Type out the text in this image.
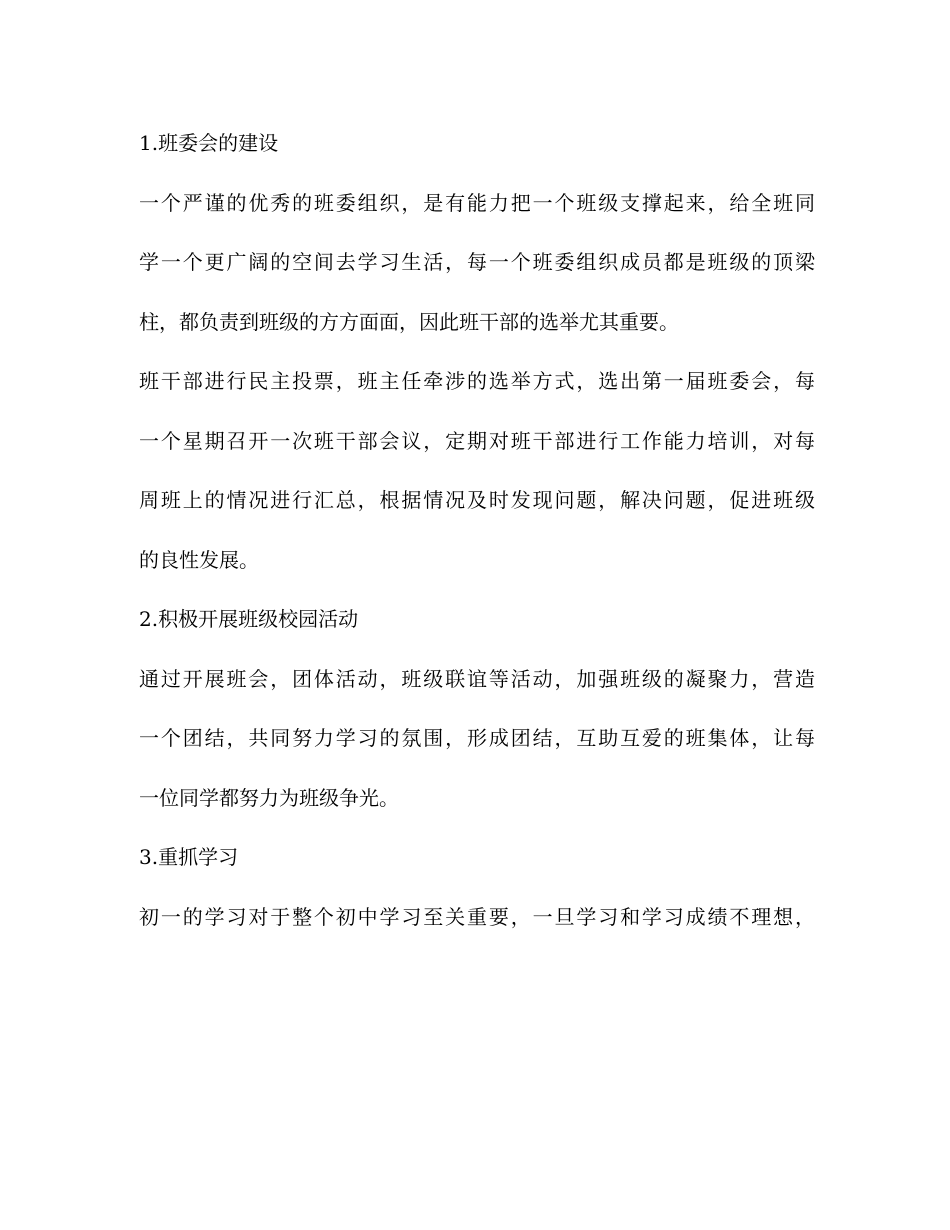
1.班委会的建设
一个严谨的优秀的班委组织，是有能力把一个班级支撑起来，给全班同
学一个更广阔的空间去学习生活，每一个班委组织成员都是班级的顶梁
柱，都负责到班级的方方面面，因此班干部的选举尤其重要。
班干部进行民主投票，班主任牵涉的选举方式，选出第一届班委会，每
一个星期召开一次班干部会议，定期对班干部进行工作能力培训，对每
周班上的情况进行汇总，根据情况及时发现问题，解决问题，促进班级
的良性发展。
2.积极开展班级校园活动
通过开展班会，团体活动，班级联谊等活动，加强班级的凝聚力，营造
一个团结，共同努力学习的氛围，形成团结，互助互爱的班集体，让每
一位同学都努力为班级争光。
3.重抓学习
初一的学习对于整个初中学习至关重要，一旦学习和学习成绩不理想，
